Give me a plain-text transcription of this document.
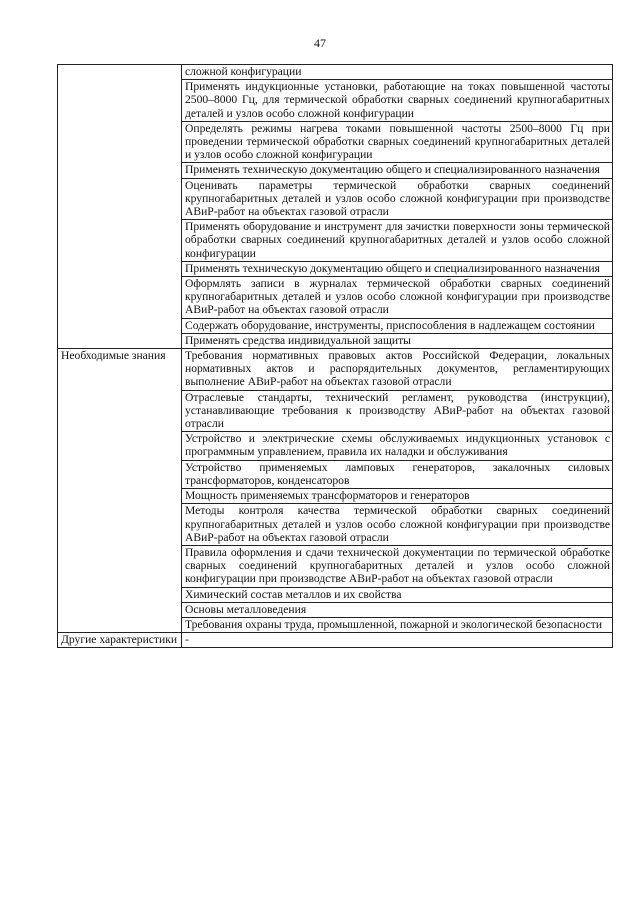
47

	сложной конфигурации

	Применять индукционные установки, работающие на токах повышенной частоты 2500–8000 Гц, для термической обработки сварных соединений крупногабаритных деталей и узлов особо сложной конфигурации

	Определять режимы нагрева токами повышенной частоты 2500–8000 Гц при проведении термической обработки сварных соединений крупногабаритных деталей и узлов особо сложной конфигурации

	Применять техническую документацию общего и специализированного назначения

	Оценивать параметры термической обработки сварных соединений крупногабаритных деталей и узлов особо сложной конфигурации при производстве АВиР-работ на объектах газовой отрасли

	Применять оборудование и инструмент для зачистки поверхности зоны термической обработки сварных соединений крупногабаритных деталей и узлов особо сложной конфигурации

	Применять техническую документацию общего и специализированного назначения

	Оформлять записи в журналах термической обработки сварных соединений крупногабаритных деталей и узлов особо сложной конфигурации при производстве АВиР-работ на объектах газовой отрасли

	Содержать оборудование, инструменты, приспособления в надлежащем состоянии

	Применять средства индивидуальной защиты

Необходимые знания	Требования нормативных правовых актов Российской Федерации, локальных нормативных актов и распорядительных документов, регламентирующих выполнение АВиР-работ на объектах газовой отрасли

	Отраслевые стандарты, технический регламент, руководства (инструкции), устанавливающие требования к производству АВиР-работ на объектах газовой отрасли

	Устройство и электрические схемы обслуживаемых индукционных установок с программным управлением, правила их наладки и обслуживания

	Устройство применяемых ламповых генераторов, закалочных силовых трансформаторов, конденсаторов

	Мощность применяемых трансформаторов и генераторов

	Методы контроля качества термической обработки сварных соединений крупногабаритных деталей и узлов особо сложной конфигурации при производстве АВиР-работ на объектах газовой отрасли

	Правила оформления и сдачи технической документации по термической обработке сварных соединений крупногабаритных деталей и узлов особо сложной конфигурации при производстве АВиР-работ на объектах газовой отрасли

	Химический состав металлов и их свойства

	Основы металловедения

	Требования охраны труда, промышленной, пожарной и экологической безопасности

Другие характеристики	-
